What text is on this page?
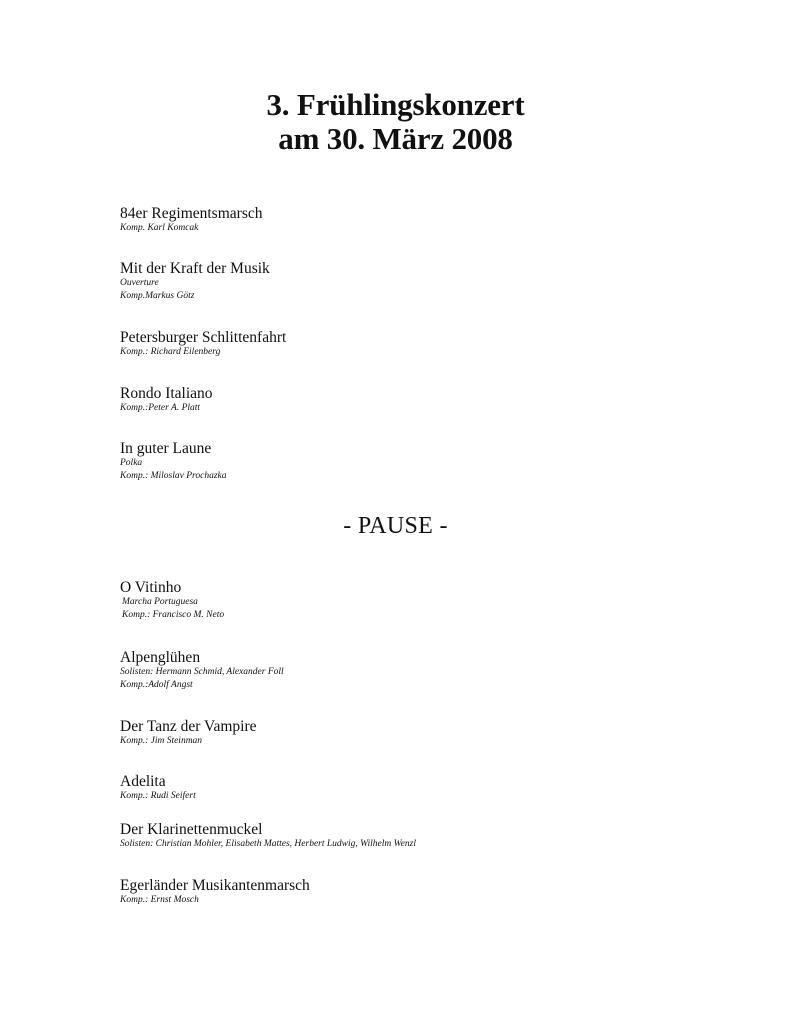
3. Frühlingskonzert
am 30. März 2008
84er Regimentsmarsch
Komp. Karl Komcak
Mit der Kraft der Musik
Ouverture
Komp.Markus Götz
Petersburger Schlittenfahrt
Komp.: Richard Eilenberg
Rondo Italiano
Komp.:Peter A. Platt
In guter Laune
Polka
Komp.: Miloslav Prochazka
- PAUSE -
O Vitinho
Marcha Portuguesa
Komp.: Francisco M. Neto
Alpenglühen
Solisten: Hermann Schmid, Alexander Foll
Komp.:Adolf Angst
Der Tanz der Vampire
Komp.: Jim Steinman
Adelita
Komp.: Rudi Seifert
Der Klarinettenmuckel
Solisten: Christian Mohler, Elisabeth Mattes, Herbert Ludwig, Wilhelm Wenzl
Egerländer Musikantenmarsch
Komp.: Ernst Mosch
